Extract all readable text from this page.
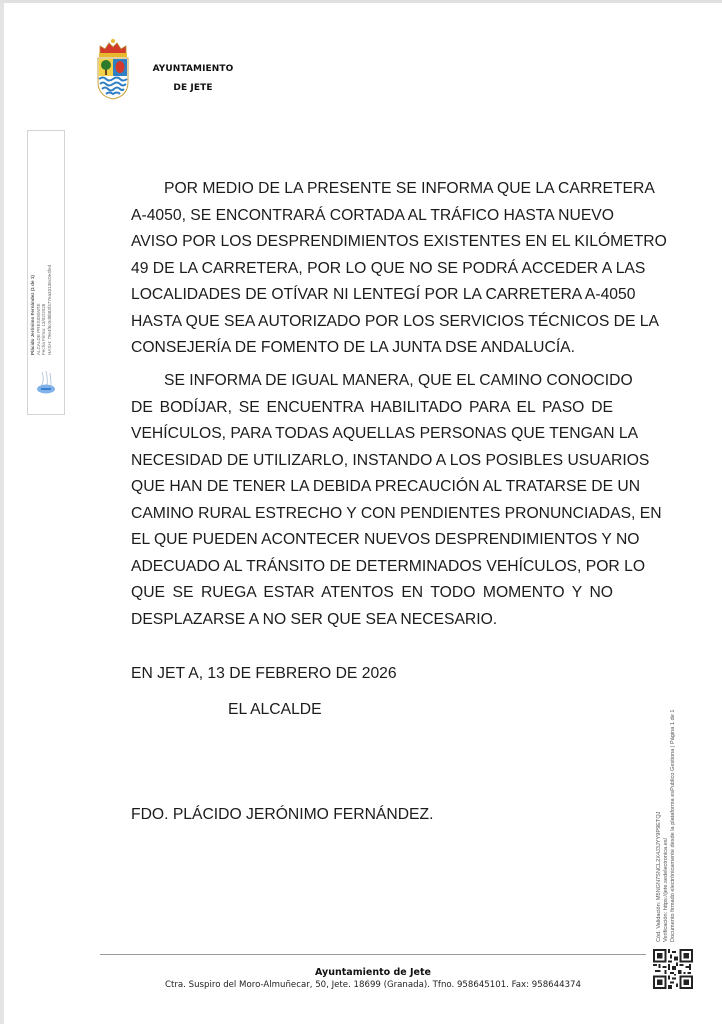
AYUNTAMIENTO
DE JETE
Plácido Jerónimo Fernández (1 de 1) ALCALDE PRESIDENTE Fecha Firma: 13/02/2026 HASH: 79e4f6c0d8b83f477ea33136c0e4fed
POR MEDIO DE LA PRESENTE SE INFORMA QUE LA CARRETERA
A-4050, SE ENCONTRARÁ CORTADA AL TRÁFICO HASTA NUEVO
AVISO POR LOS DESPRENDIMIENTOS EXISTENTES EN EL KILÓMETRO
49 DE LA CARRETERA, POR LO QUE NO SE PODRÁ ACCEDER A LAS
LOCALIDADES DE OTÍVAR NI LENTEGÍ POR LA CARRETERA A-4050
HASTA QUE SEA AUTORIZADO POR LOS SERVICIOS TÉCNICOS DE LA
CONSEJERÍA DE FOMENTO DE LA JUNTA DSE ANDALUCÍA.
SE INFORMA DE IGUAL MANERA, QUE EL CAMINO CONOCIDO
DE BODÍJAR, SE ENCUENTRA HABILITADO PARA EL PASO DE
VEHÍCULOS, PARA TODAS AQUELLAS PERSONAS QUE TENGAN LA
NECESIDAD DE UTILIZARLO, INSTANDO A LOS POSIBLES USUARIOS
QUE HAN DE TENER LA DEBIDA PRECAUCIÓN AL TRATARSE DE UN
CAMINO RURAL ESTRECHO Y CON PENDIENTES PRONUNCIADAS, EN
EL QUE PUEDEN ACONTECER NUEVOS DESPRENDIMIENTOS Y NO
ADECUADO AL TRÁNSITO DE DETERMINADOS VEHÍCULOS, POR LO
QUE SE RUEGA ESTAR ATENTOS EN TODO MOMENTO Y NO
DESPLAZARSE A NO SER QUE SEA NECESARIO.
EN JET A, 13 DE FEBRERO DE 2026
EL ALCALDE
FDO. PLÁCIDO JERÓNIMO FERNÁNDEZ.	Cód. Validación: M5NGN7SNCL2X4J3JYY9P9ETQJ Verificación: https://jete.sedelectronica.es/ Documento firmado electrónicamente desde la plataforma esPublico Gestiona | Página 1 de 1
Ayuntamiento de Jete
Ctra. Suspiro del Moro-Almuñecar, 50, Jete. 18699 (Granada). Tfno. 958645101. Fax: 958644374
